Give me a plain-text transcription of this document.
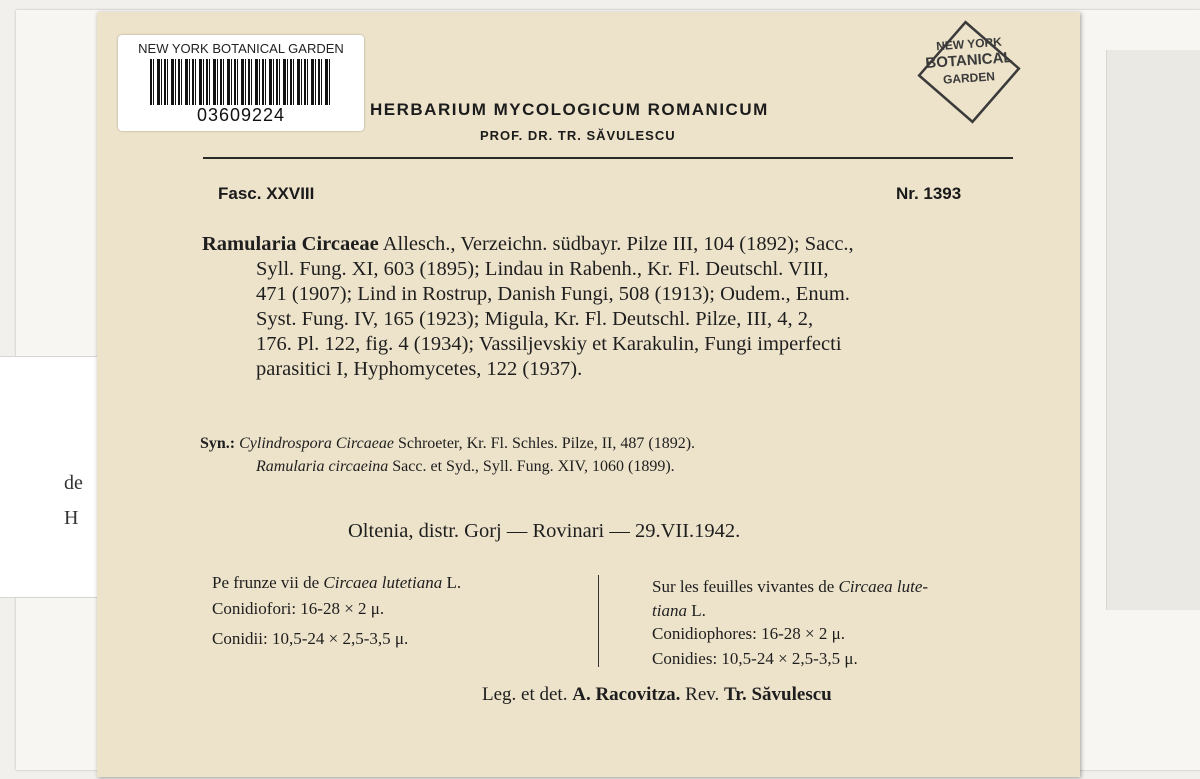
de
H
NEW YORK BOTANICAL GARDEN
03609224
NEW YORK
BOTANICAL
GARDEN
HERBARIUM MYCOLOGICUM ROMANICUM
PROF. DR. TR. SĂVULESCU
Fasc. XXVIII	Nr. 1393
Ramularia Circaeae Allesch., Verzeichn. südbayr. Pilze III, 104 (1892); Sacc.,
Syll. Fung. XI, 603 (1895); Lindau in Rabenh., Kr. Fl. Deutschl. VIII,
471 (1907); Lind in Rostrup, Danish Fungi, 508 (1913); Oudem., Enum.
Syst. Fung. IV, 165 (1923); Migula, Kr. Fl. Deutschl. Pilze, III, 4, 2,
176. Pl. 122, fig. 4 (1934); Vassiljevskiy et Karakulin, Fungi imperfecti
parasitici I, Hyphomycetes, 122 (1937).
Syn.: Cylindrospora Circaeae Schroeter, Kr. Fl. Schles. Pilze, II, 487 (1892).
Ramularia circaeina Sacc. et Syd., Syll. Fung. XIV, 1060 (1899).
Oltenia, distr. Gorj — Rovinari — 29.VII.1942.
Pe frunze vii de Circaea lutetiana L.
Conidiofori: 16-28 × 2 μ.
Conidii: 10,5-24 × 2,5-3,5 μ.
Sur les feuilles vivantes de Circaea lute-
tiana L.
Conidiophores: 16-28 × 2 μ.
Conidies: 10,5-24 × 2,5-3,5 μ.
Leg. et det. A. Racovitza. Rev. Tr. Săvulescu
